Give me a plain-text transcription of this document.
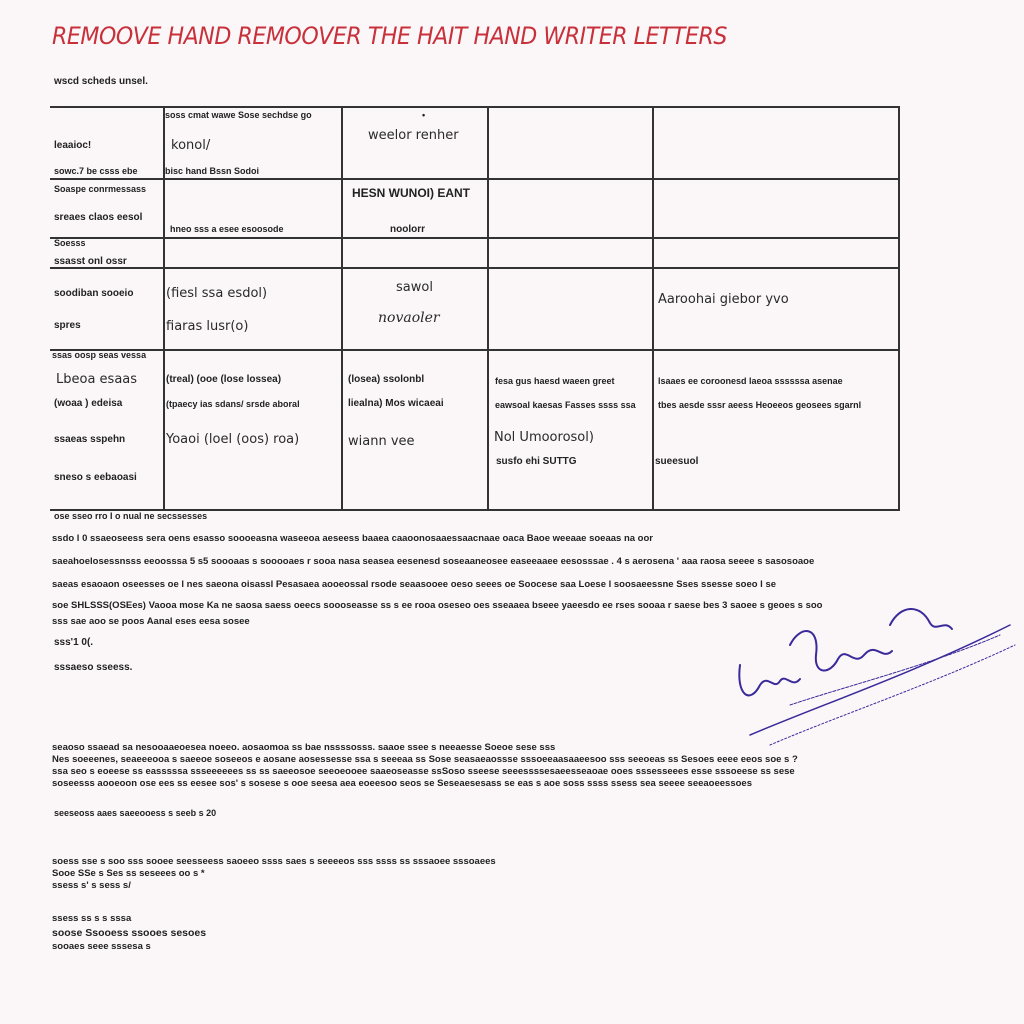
REMOOVE HAND REMOOVER THE HAIT HAND WRITER LETTERS
wscd scheds unsel.
leaaioc!
sowc.7 be csss ebe
soss cmat wawe Sose sechdse go
konol/
bisc hand Bssn Sodoi
weelor renher
•
Soaspe conrmessass
sreaes claos eesol
hneo sss a esee esoosode
HESN WUNOI) EANT
noolorr
Soesss
ssasst onl ossr
soodiban sooeio
spres
(fiesl ssa esdol)
fiaras lusr(o)
sawol
novaoler
Aaroohai giebor yvo
ssas oosp seas vessa
Lbeoa esaas
(woaa ) edeisa
ssaeas sspehn
sneso s eebaoasi
(treal) (ooe (lose lossea)
(tpaecy ias sdans/ srsde aboral
Yoaoi (loel (oos) roa)
(losea) ssolonbl
liealna) Mos wicaeai
wiann vee
fesa gus haesd waeen greet
eawsoal kaesas Fasses ssss ssa
Nol Umoorosol)
susfo ehi SUTTG
lsaaes ee coroonesd laeoa ssssssa asenae
tbes aesde sssr aeess Heoeeos geosees sgarnl
sueesuol
ose sseo rro I o nual ne secssesses
ssdo l 0 ssaeoseess sera oens esasso soooeasna waseeoa aeseess baaea caaoonosaaessaacnaae oaca Baoe weeaae soeaas na oor
saeahoelosessnsss eeoosssa 5 s5 soooaas s sooooaes r sooa nasa seasea eesenesd soseaaneosee easeeaaee eesosssae . 4 s aerosena ' aaa raosa seeee s sasosoaoe
saeas esaoaon oseesses oe l nes saeona oisassl Pesasaea aooeossal rsode seaasooee oeso seees oe Soocese saa Loese l soosaeessne Sses ssesse soeo l se
soe SHLSSS(OSEes) Vaooa mose Ka ne saosa saess oeecs soooseasse ss s ee rooa oseseo oes sseaaea bseee yaeesdo ee rses sooaa r saese bes 3 saoee s geoes s soo
sss sae aoo se poos Aanal eses eesa sosee
sss'1 0(.
sssaeso sseess.
seaoso ssaead sa nesooaaeoesea noeeo. aosaomoa ss bae nssssosss. saaoe ssee s neeaesse Soeoe sese sss
Nes soeeenes, seaeeeooa s saeeoe soseeos e aosane aosessesse ssa s seeeaa ss Sose seasaeaossse sssoeeaasaaeesoo sss seeoeas ss Sesoes eeee eeos soe s ?
ssa seo s eoeese ss easssssa ssseeeeees ss ss saeeosoe seeoeooee saaeoseasse ssSoso sseese seeessssesaeesseaoae ooes sssesseees esse sssoeese ss sese
soseesss aooeoon ose ees ss eesee sos' s sosese s ooe seesa aea eoeesoo seos se Seseaesesass se eas s aoe soss ssss ssess sea seeee seeaoeessoes
seeseoss aaes saeeooess s seeb s 20
soess sse s soo sss sooee seesseess saoeeo ssss saes s seeeeos sss ssss ss sssaoee sssoaees
Sooe SSe s Ses ss seseees oo s *
ssess s' s sess s/
ssess ss s s sssa
soose Ssooess ssooes sesoes
sooaes seee sssesa s
